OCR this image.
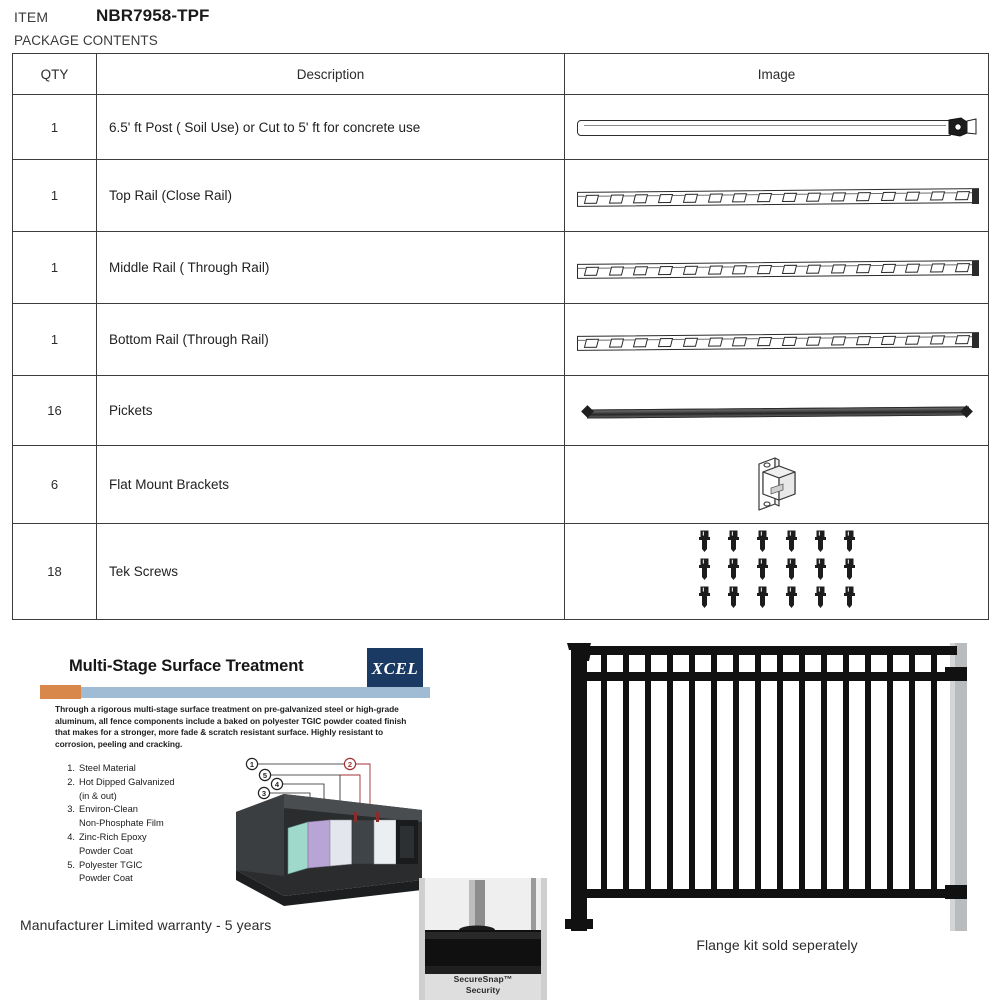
ITEM	NBR7958-TPF
PACKAGE CONTENTS
QTY	Description	Image
1	6.5' ft Post ( Soil Use) or Cut to 5' ft for concrete use	

1	Top Rail (Close Rail)	

1	Middle Rail ( Through Rail)	

1	Bottom Rail (Through Rail)	

16	Pickets	

6	Flat Mount Brackets	

18	Tek Screws	
Multi-Stage Surface Treatment	XCEL
Through a rigorous multi-stage surface treatment on pre-galvanized steel or high-grade aluminum, all fence components include a baked on polyester TGIC powder coated finish that makes for a stronger, more fade & scratch resistant surface. Highly resistant to corrosion, peeling and cracking.
1. Steel Material
2. Hot Dipped Galvanized
(in & out)
3. Environ-Clean
Non-Phosphate Film
4. Zinc-Rich Epoxy
Powder Coat
5. Polyester TGIC
Powder Coat
1
5
4
3
2
Manufacturer Limited warranty - 5 years
SecureSnap™
Security
Flange kit sold seperately
